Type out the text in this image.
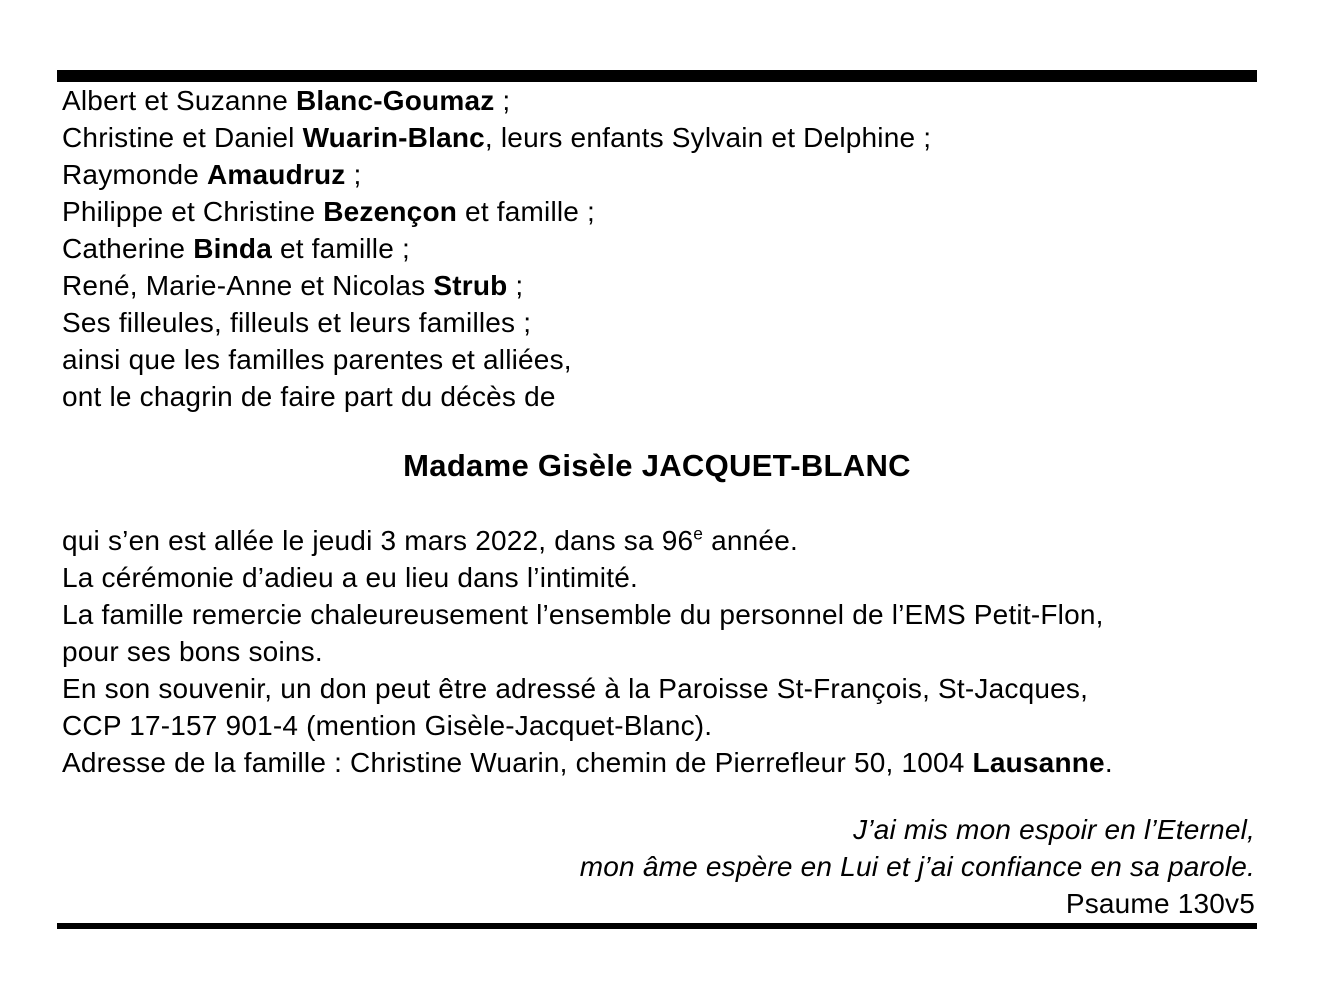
Albert et Suzanne Blanc-Goumaz ;
Christine et Daniel Wuarin-Blanc, leurs enfants Sylvain et Delphine ;
Raymonde Amaudruz ;
Philippe et Christine Bezençon et famille ;
Catherine Binda et famille ;
René, Marie-Anne et Nicolas Strub ;
Ses filleules, filleuls et leurs familles ;
ainsi que les familles parentes et alliées,
ont le chagrin de faire part du décès de
Madame Gisèle JACQUET-BLANC
qui s’en est allée le jeudi 3 mars 2022, dans sa 96e année.
La cérémonie d’adieu a eu lieu dans l’intimité.
La famille remercie chaleureusement l’ensemble du personnel de l’EMS Petit-Flon,
pour ses bons soins.
En son souvenir, un don peut être adressé à la Paroisse St-François, St-Jacques,
CCP 17-157 901-4 (mention Gisèle-Jacquet-Blanc).
Adresse de la famille : Christine Wuarin, chemin de Pierrefleur 50, 1004 Lausanne.
J’ai mis mon espoir en l’Eternel,
mon âme espère en Lui et j’ai confiance en sa parole.
Psaume 130v5
